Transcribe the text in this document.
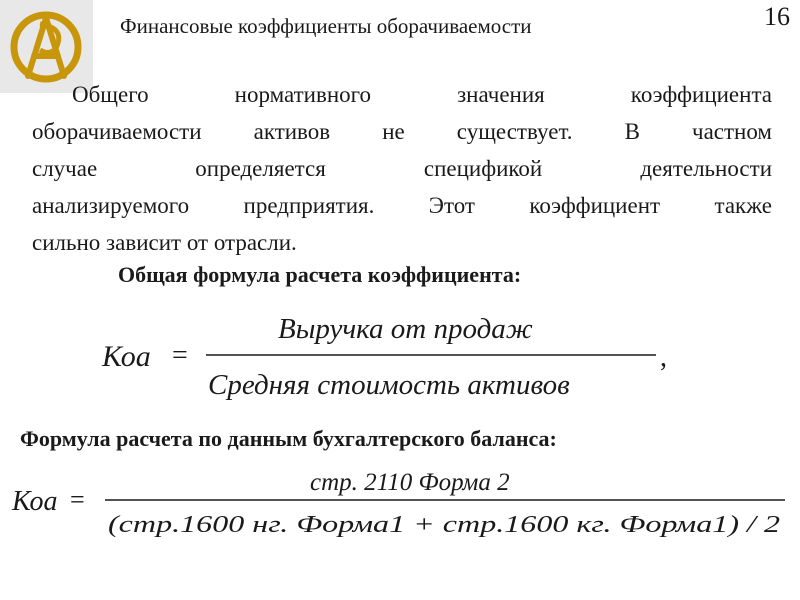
Финансовые коэффициенты оборачиваемости	16
Общего нормативного значения коэффициента
оборачиваемости активов не существует. В частном
случае определяется спецификой деятельности
анализируемого предприятия. Этот коэффициент также
сильно зависит от отрасли.
Общая формула расчета коэффициента:
Коа =
Выручка от продаж
Средняя стоимость активов
,
Формула расчета по данным бухгалтерского баланса:
Коа =
стр. 2110 Форма 2
(стр.1600 нг. Форма1 + стр.1600 кг. Форма1) / 2
